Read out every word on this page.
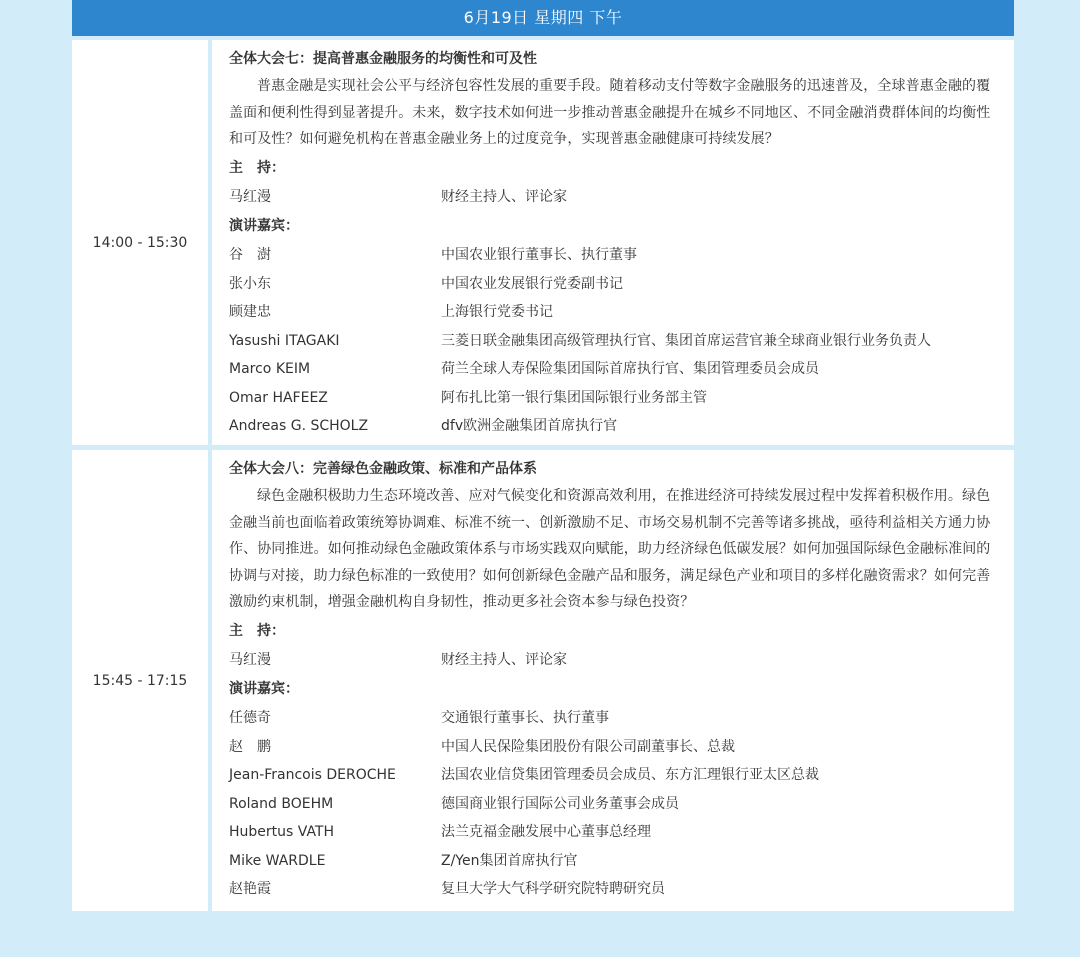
6月19日 星期四 下午
14:00 - 15:30
全体大会七：提高普惠金融服务的均衡性和可及性
普惠金融是实现社会公平与经济包容性发展的重要手段。随着移动支付等数字金融服务的迅速普及，全球普惠金融的覆盖面和便利性得到显著提升。未来，数字技术如何进一步推动普惠金融提升在城乡不同地区、不同金融消费群体间的均衡性和可及性？如何避免机构在普惠金融业务上的过度竞争，实现普惠金融健康可持续发展？
主　持：
马红漫	财经主持人、评论家
演讲嘉宾：
谷　澍	中国农业银行董事长、执行董事
张小东	中国农业发展银行党委副书记
顾建忠	上海银行党委书记
Yasushi ITAGAKI	三菱日联金融集团高级管理执行官、集团首席运营官兼全球商业银行业务负责人
Marco KEIM	荷兰全球人寿保险集团国际首席执行官、集团管理委员会成员
Omar HAFEEZ	阿布扎比第一银行集团国际银行业务部主管
Andreas G. SCHOLZ	dfv欧洲金融集团首席执行官
15:45 - 17:15
全体大会八：完善绿色金融政策、标准和产品体系
绿色金融积极助力生态环境改善、应对气候变化和资源高效利用，在推进经济可持续发展过程中发挥着积极作用。绿色金融当前也面临着政策统筹协调难、标准不统一、创新激励不足、市场交易机制不完善等诸多挑战，亟待利益相关方通力协作、协同推进。如何推动绿色金融政策体系与市场实践双向赋能，助力经济绿色低碳发展？如何加强国际绿色金融标准间的协调与对接，助力绿色标准的一致使用？如何创新绿色金融产品和服务，满足绿色产业和项目的多样化融资需求？如何完善激励约束机制，增强金融机构自身韧性，推动更多社会资本参与绿色投资？
主　持：
马红漫	财经主持人、评论家
演讲嘉宾：
任德奇	交通银行董事长、执行董事
赵　鹏	中国人民保险集团股份有限公司副董事长、总裁
Jean-Francois DEROCHE	法国农业信贷集团管理委员会成员、东方汇理银行亚太区总裁
Roland BOEHM	德国商业银行国际公司业务董事会成员
Hubertus VATH	法兰克福金融发展中心董事总经理
Mike WARDLE	Z/Yen集团首席执行官
赵艳霞	复旦大学大气科学研究院特聘研究员
